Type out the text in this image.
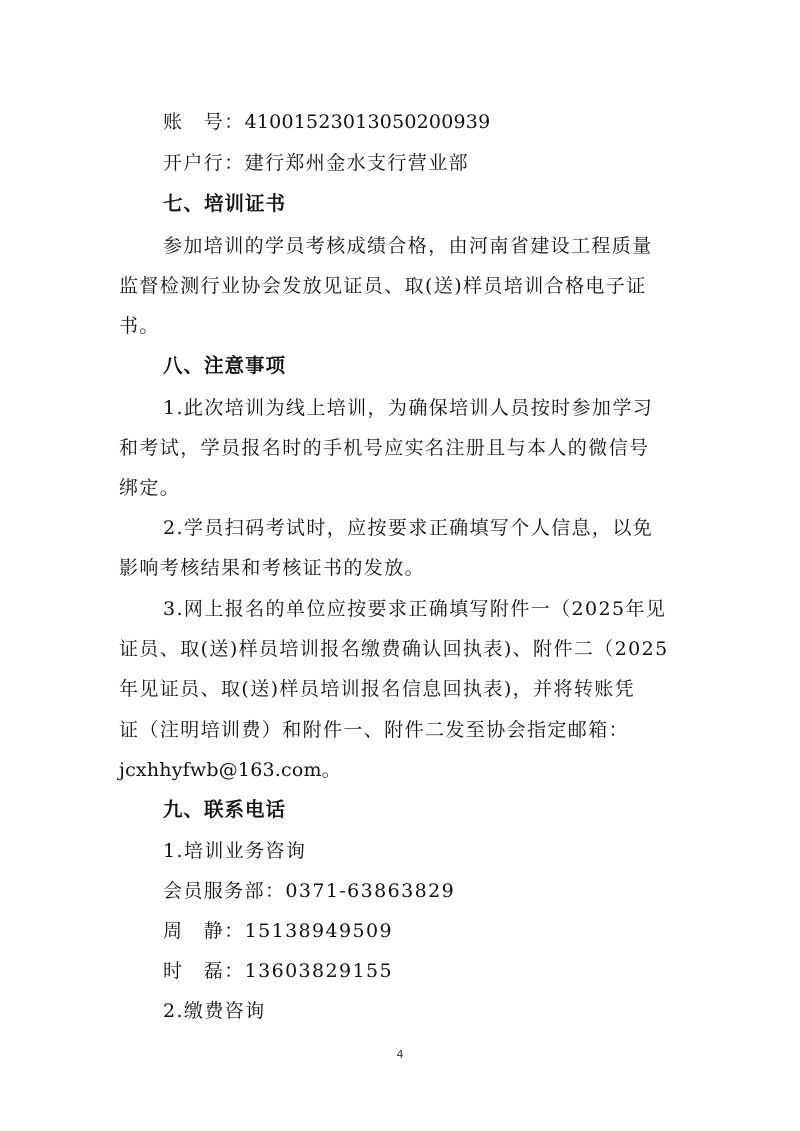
账　号：41001523013050200939
开户行：建行郑州金水支行营业部
七、培训证书
参加培训的学员考核成绩合格，由河南省建设工程质量
监督检测行业协会发放见证员、取(送)样员培训合格电子证
书。
八、注意事项
1.此次培训为线上培训，为确保培训人员按时参加学习
和考试，学员报名时的手机号应实名注册且与本人的微信号
绑定。
2.学员扫码考试时，应按要求正确填写个人信息，以免
影响考核结果和考核证书的发放。
3.网上报名的单位应按要求正确填写附件一（2025年见
证员、取(送)样员培训报名缴费确认回执表)、附件二（2025
年见证员、取(送)样员培训报名信息回执表)，并将转账凭
证（注明培训费）和附件一、附件二发至协会指定邮箱：
jcxhhyfwb@163.com。
九、联系电话
1.培训业务咨询
会员服务部：0371-63863829
周　静：15138949509
时　磊：13603829155
2.缴费咨询
4
